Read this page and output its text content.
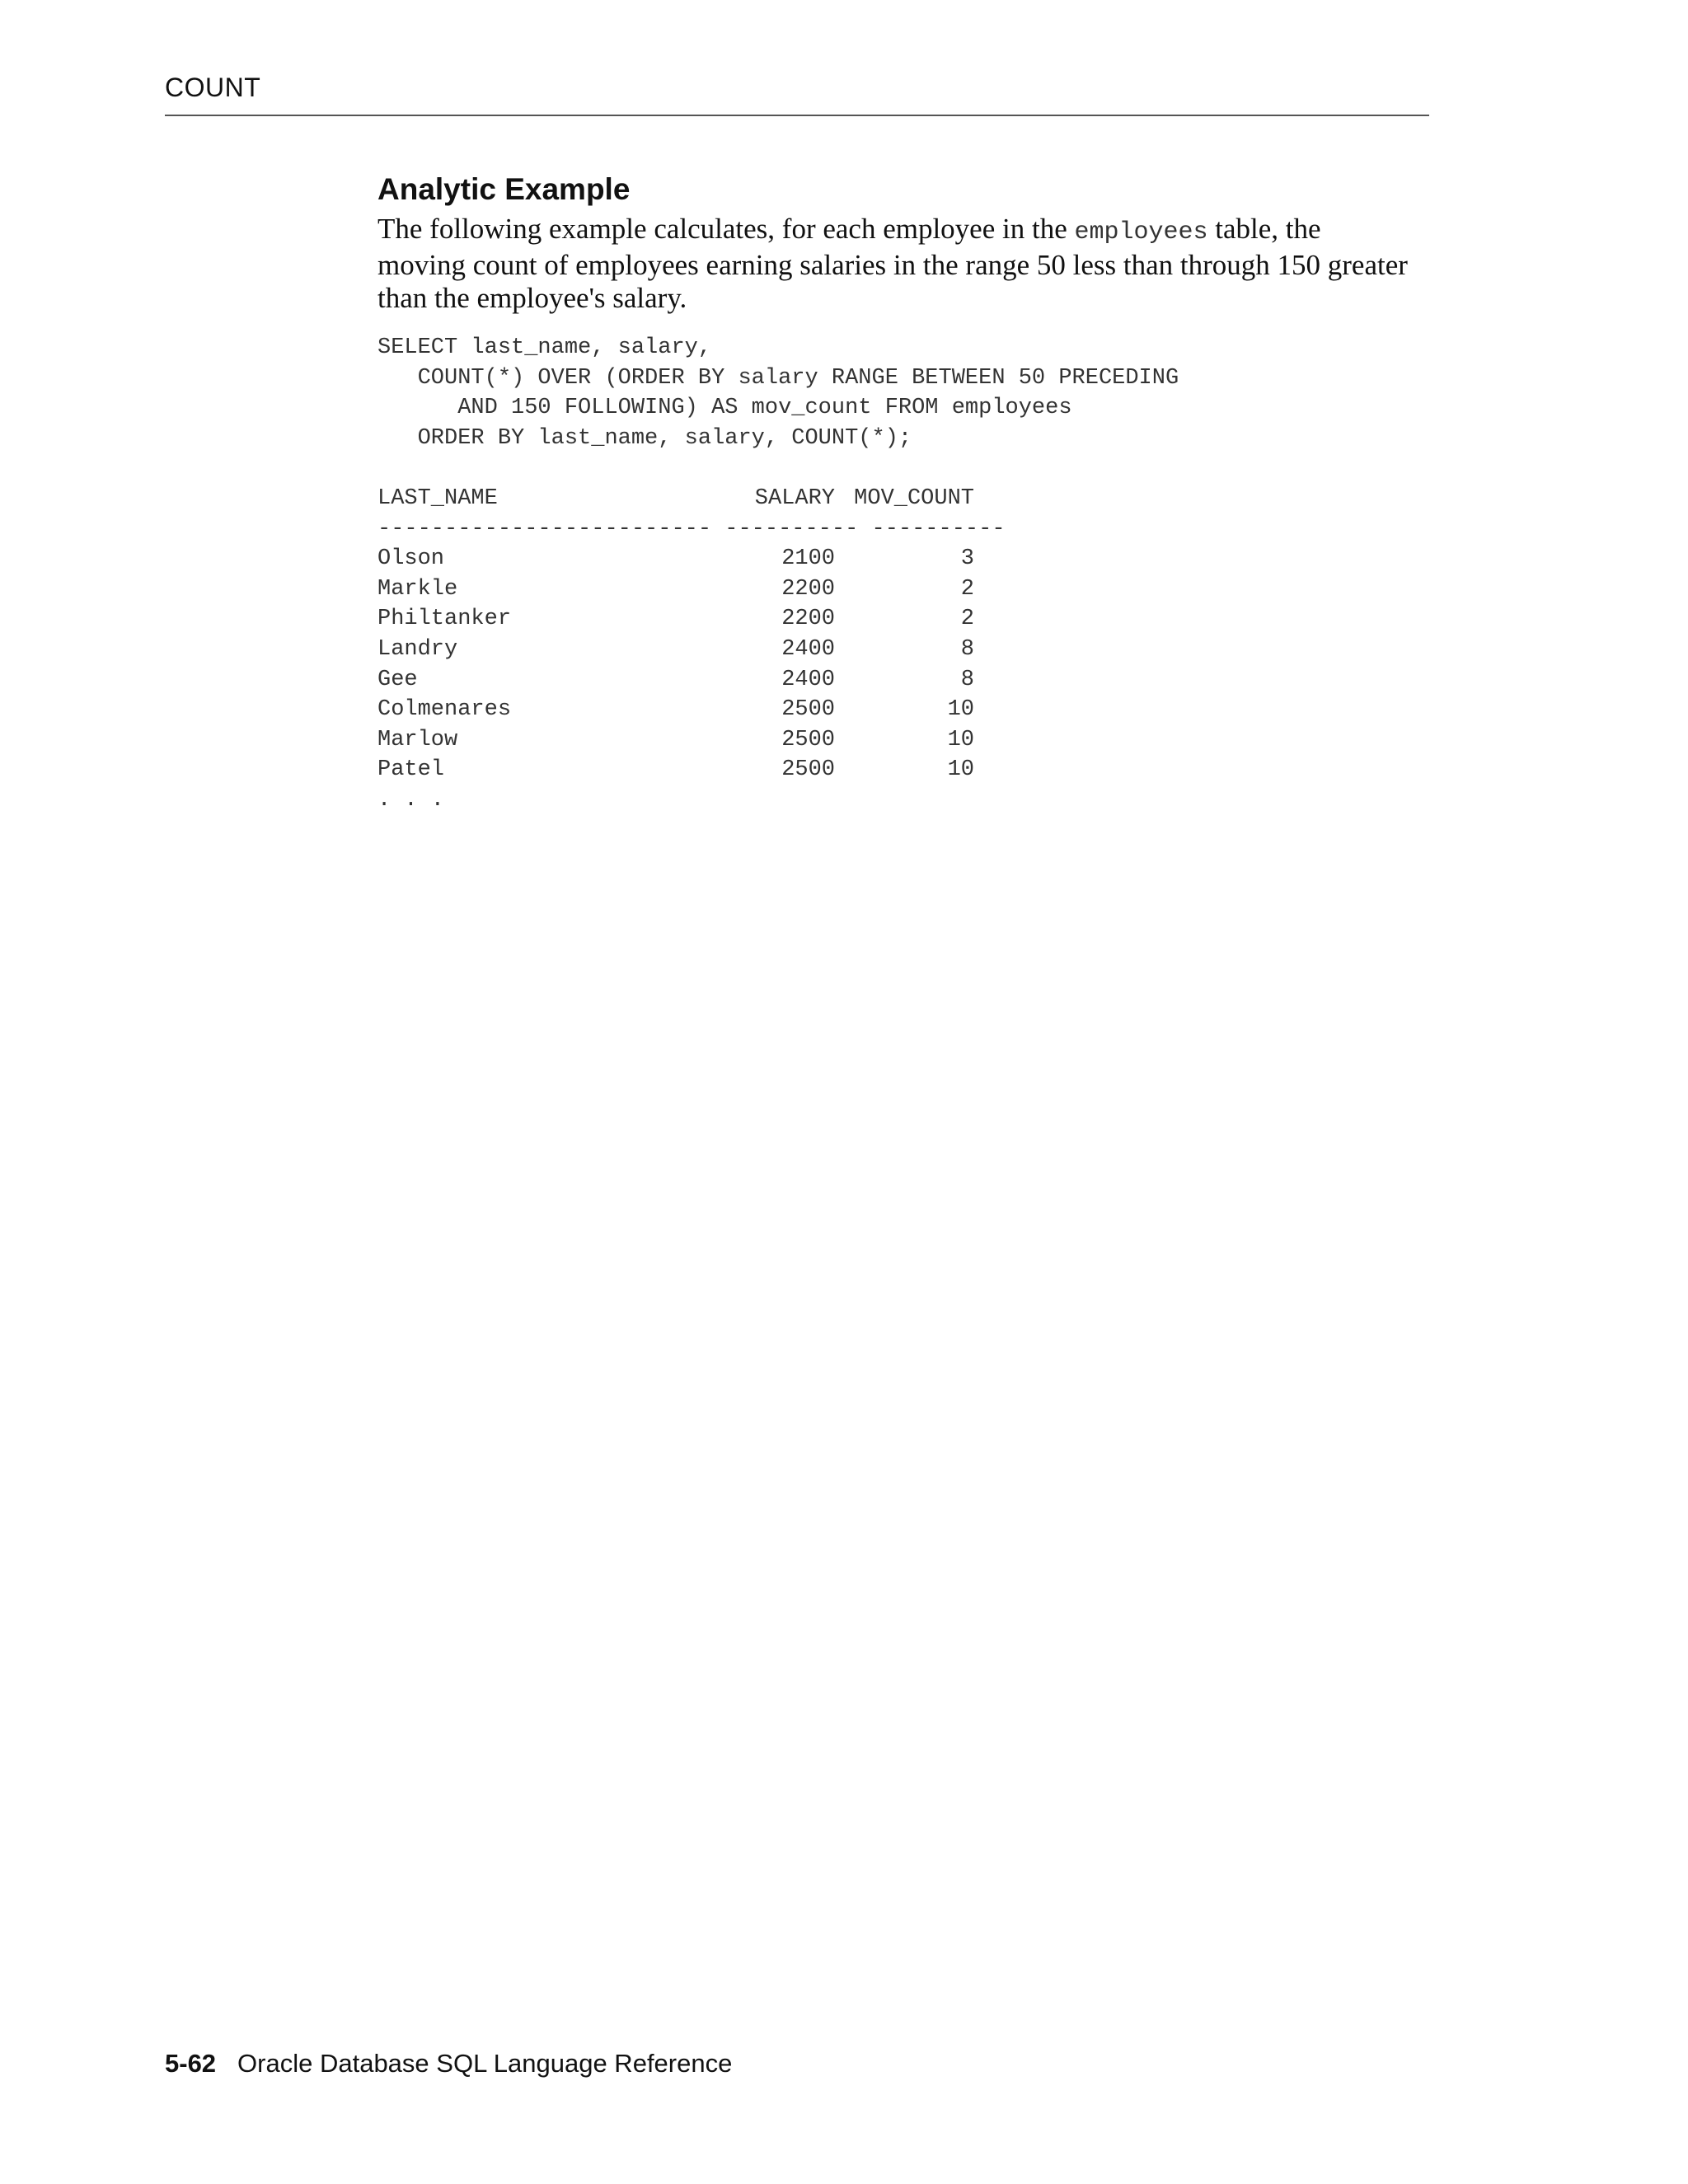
COUNT
Analytic Example

The following example calculates, for each employee in the employees table, the moving count of employees earning salaries in the range 50 less than through 150 greater than the employee's salary.

SELECT last_name, salary,
COUNT(*) OVER (ORDER BY salary RANGE BETWEEN 50 PRECEDING
AND 150 FOLLOWING) AS mov_count FROM employees
ORDER BY last_name, salary, COUNT(*);
LAST_NAME	SALARY MOV_COUNT
------------------------- ---------- ----------
Olson	2100	3
Markle	2200	2
Philtanker	2200	2
Landry	2400	8
Gee	2400	8
Colmenares	2500	10
Marlow	2500	10
Patel	2500	10
. . .
5-62 Oracle Database SQL Language Reference
